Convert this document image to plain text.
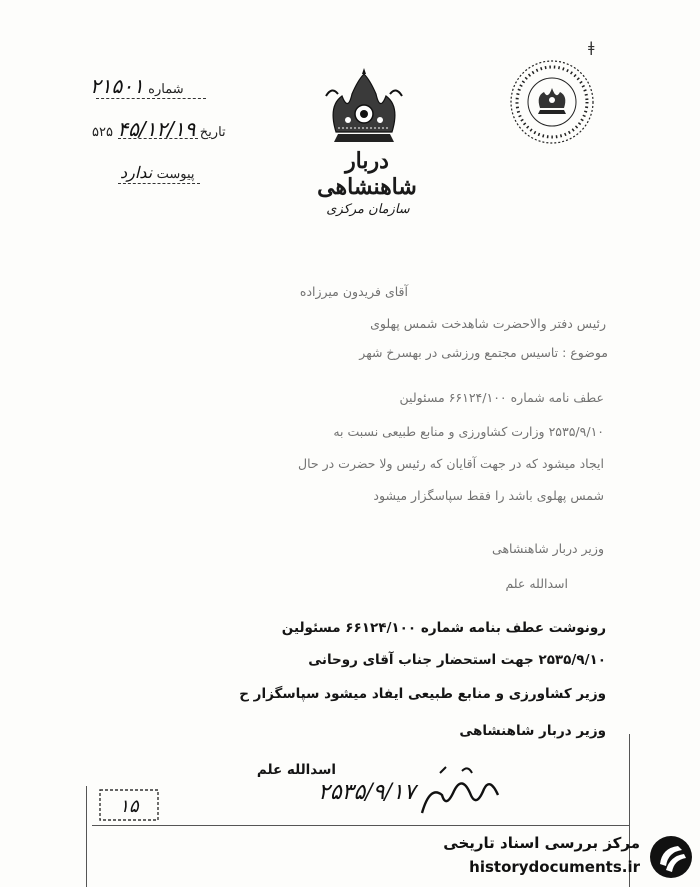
ǂ
شماره ۲۱۵۰۱
تاریخ ۴۵/۱۲/۱۹ ۵۲۵
پیوست ندارد	دربار شاهنشاهی
سازمان مرکزی
آقای فریدون میرزاده
رئیس دفتر والاحضرت شاهدخت شمس پهلوی
موضوع : تاسیس مجتمع ورزشی در بهسرخ شهر
عطف نامه شماره ۶۶۱۲۴/۱۰۰ مسئولین
۲۵۳۵/۹/۱۰ وزارت کشاورزی و منابع طبیعی نسبت به
ایجاد میشود که در جهت آقایان که رئیس ولا حضرت در حال
شمس پهلوی باشد را فقط سپاسگزار میشود
وزیر دربار شاهنشاهی
اسدالله علم
رونوشت عطف بنامه شماره ۶۶۱۲۴/۱۰۰ مسئولین
۲۵۳۵/۹/۱۰ جهت استحضار جناب آقای روحانی
وزیر کشاورزی و منابع طبیعی ایفاد میشود سپاسگزار ح
وزیر دربار شاهنشاهی
اسدالله علم
۲۵۳۵/۹/۱۷
۱۵
مرکز بررسی اسناد تاریخی
historydocuments.ir
